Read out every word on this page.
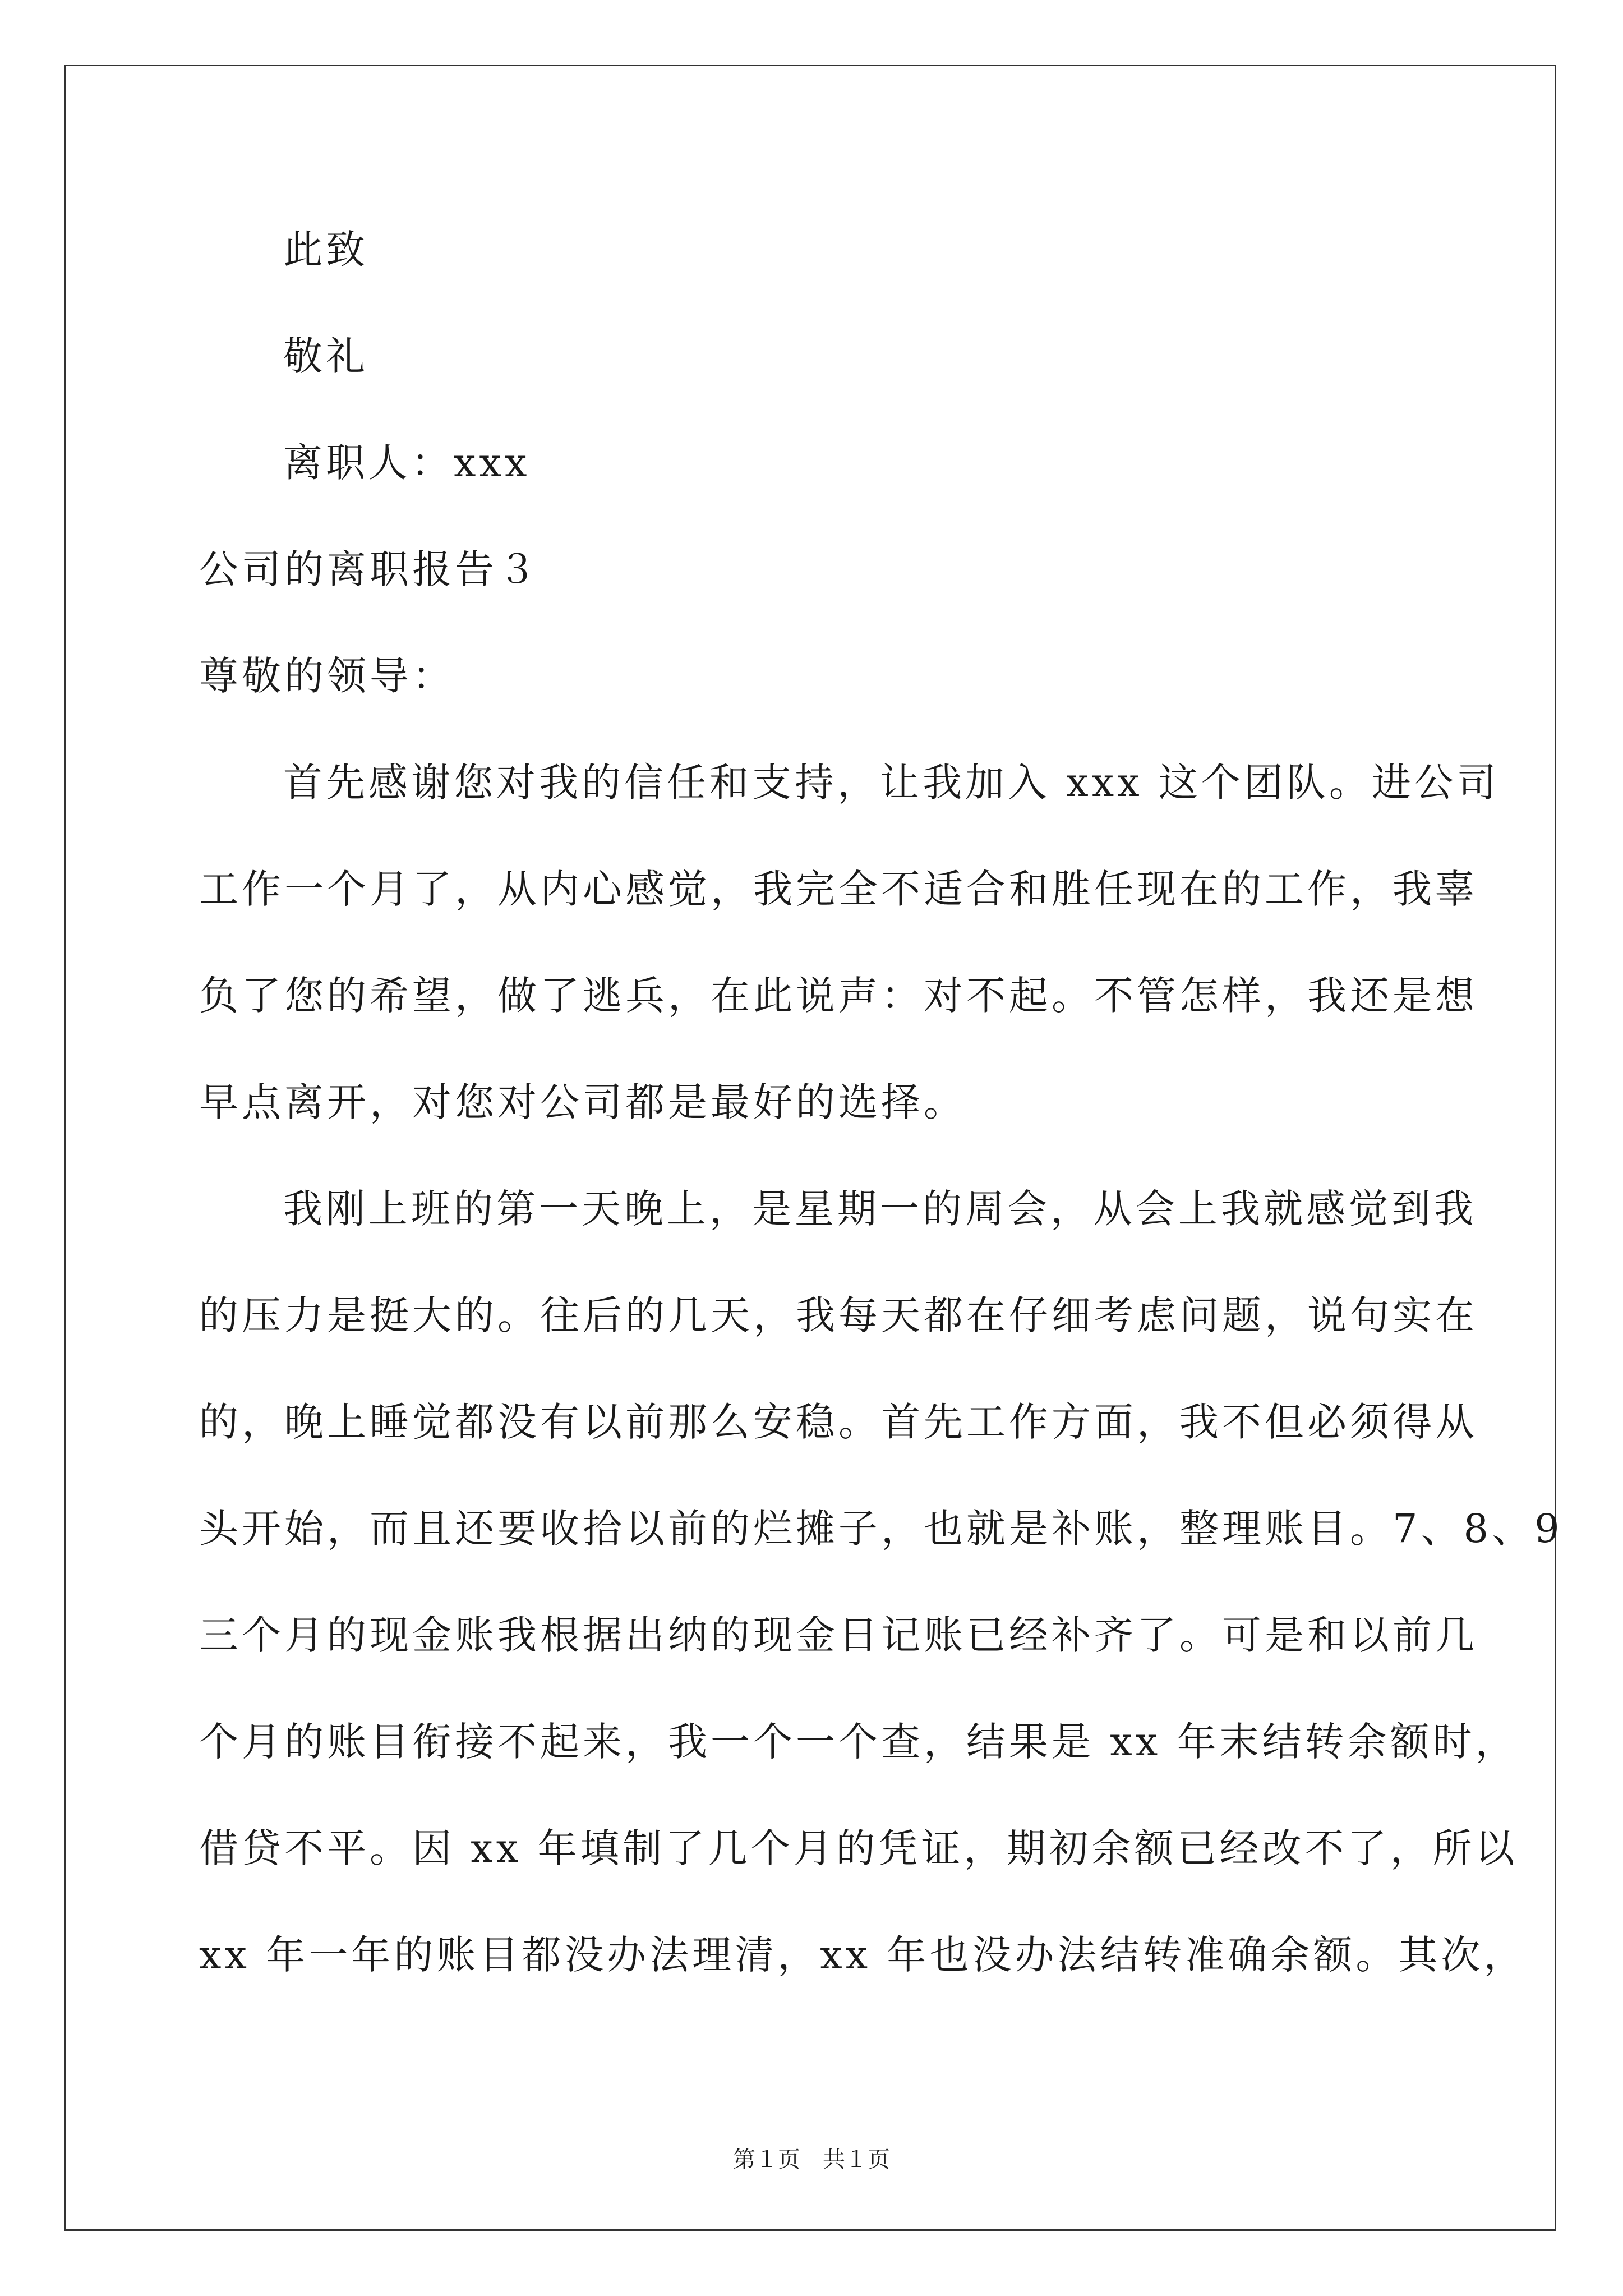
此致
敬礼
离职人：xxx
公司的离职报告３
尊敬的领导：
首先感谢您对我的信任和支持，让我加入 xxx 这个团队。进公司
工作一个月了，从内心感觉，我完全不适合和胜任现在的工作，我辜
负了您的希望，做了逃兵，在此说声：对不起。不管怎样，我还是想
早点离开，对您对公司都是最好的选择。
我刚上班的第一天晚上，是星期一的周会，从会上我就感觉到我
的压力是挺大的。往后的几天，我每天都在仔细考虑问题，说句实在
的，晚上睡觉都没有以前那么安稳。首先工作方面，我不但必须得从
头开始，而且还要收拾以前的烂摊子，也就是补账，整理账目。7、8、9
三个月的现金账我根据出纳的现金日记账已经补齐了。可是和以前几
个月的账目衔接不起来，我一个一个查，结果是 xx 年末结转余额时，
借贷不平。因 xx 年填制了几个月的凭证，期初余额已经改不了，所以
xx 年一年的账目都没办法理清，xx 年也没办法结转准确余额。其次，
第１页　共１页
